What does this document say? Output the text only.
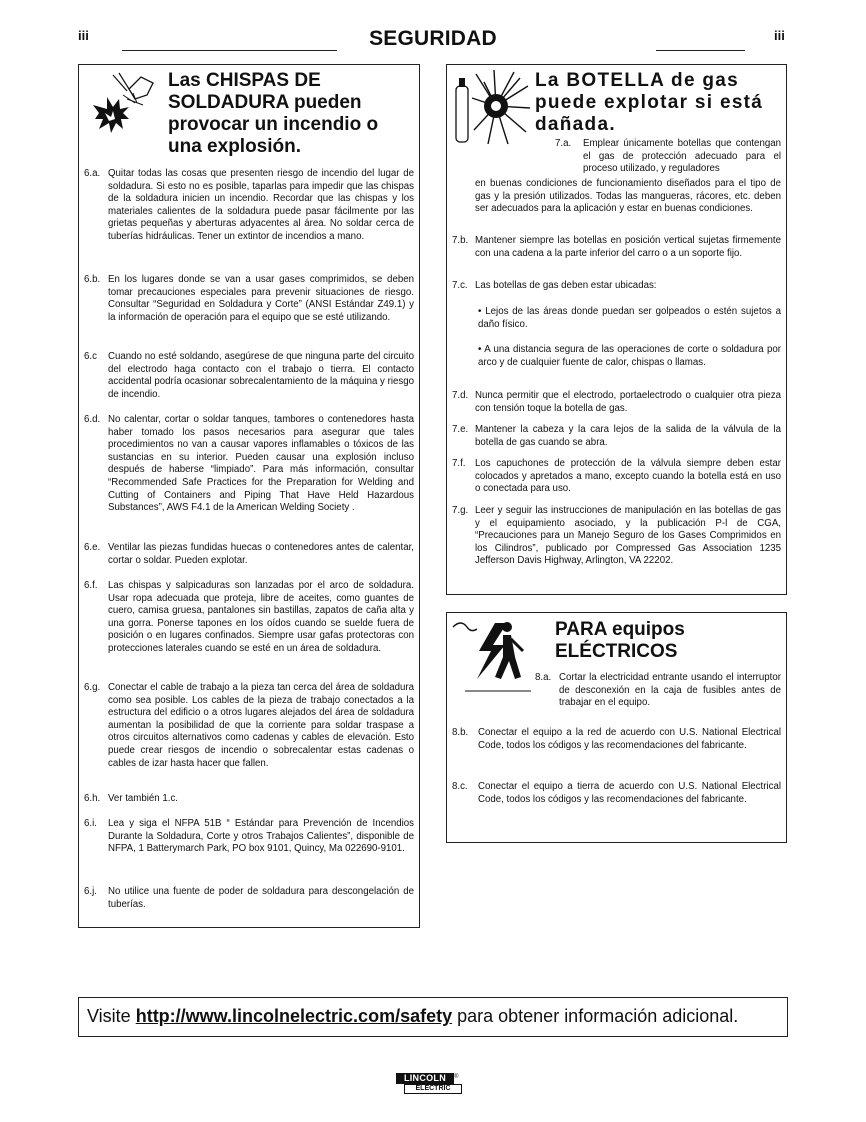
iii	iii
SEGURIDAD
Las CHISPAS DE
SOLDADURA pueden
provocar un incendio o
una explosión.
6.a. Quitar todas las cosas que presenten riesgo de incendio del lugar de soldadura. Si esto no es posible, taparlas para impedir que las chispas de la soldadura inicien un incendio. Recordar que las chispas y los materiales calientes de la soldadura puede pasar fácilmente por las grietas pequeñas y aberturas adyacentes al área. No soldar cerca de tuberías hidráulicas. Tener un extintor de incendios a mano.
6.b. En los lugares donde se van a usar gases comprimidos, se deben tomar precauciones especiales para prevenir situaciones de riesgo. Consultar “Seguridad en Soldadura y Corte” (ANSI Estándar Z49.1) y la información de operación para el equipo que se esté utilizando.
6.c Cuando no esté soldando, asegúrese de que ninguna parte del circuito del electrodo haga contacto con el trabajo o tierra. El contacto accidental podría ocasionar sobrecalentamiento de la máquina y riesgo de incendio.
6.d. No calentar, cortar o soldar tanques, tambores o contenedores hasta haber tomado los pasos necesarios para asegurar que tales procedimientos no van a causar vapores inflamables o tóxicos de las sustancias en su interior. Pueden causar una explosión incluso después de haberse “limpiado”. Para más información, consultar “Recommended Safe Practices for the Preparation for Welding and Cutting of Containers and Piping That Have Held Hazardous Substances”, AWS F4.1 de la American Welding Society .
6.e. Ventilar las piezas fundidas huecas o contenedores antes de calentar, cortar o soldar. Pueden explotar.
6.f. Las chispas y salpicaduras son lanzadas por el arco de soldadura. Usar ropa adecuada que proteja, libre de aceites, como guantes de cuero, camisa gruesa, pantalones sin bastillas, zapatos de caña alta y una gorra. Ponerse tapones en los oídos cuando se suelde fuera de posición o en lugares confinados. Siempre usar gafas protectoras con protecciones laterales cuando se esté en un área de soldadura.
6.g. Conectar el cable de trabajo a la pieza tan cerca del área de soldadura como sea posible. Los cables de la pieza de trabajo conectados a la estructura del edificio o a otros lugares alejados del área de soldadura aumentan la posibilidad de que la corriente para soldar traspase a otros circuitos alternativos como cadenas y cables de elevación. Esto puede crear riesgos de incendio o sobrecalentar estas cadenas o cables de izar hasta hacer que fallen.
6.h. Ver también 1.c.
6.i. Lea y siga el NFPA 51B “ Estándar para Prevención de Incendios Durante la Soldadura, Corte y otros Trabajos Calientes”, disponible de NFPA, 1 Batterymarch Park, PO box 9101, Quincy, Ma 022690-9101.
6.j. No utilice una fuente de poder de soldadura para descongelación de tuberías.
La BOTELLA de gas
puede explotar si está
dañada.
7.a. Emplear únicamente botellas que contengan el gas de protección adecuado para el proceso utilizado, y reguladores
en buenas condiciones de funcionamiento diseñados para el tipo de gas y la presión utilizados. Todas las mangueras, rácores, etc. deben ser adecuados para la aplicación y estar en buenas condiciones.
7.b. Mantener siempre las botellas en posición vertical sujetas firmemente con una cadena a la parte inferior del carro o a un soporte fijo.
7.c. Las botellas de gas deben estar ubicadas:
• Lejos de las áreas donde puedan ser golpeados o estén sujetos a daño físico.
• A una distancia segura de las operaciones de corte o soldadura por arco y de cualquier fuente de calor, chispas o llamas.
7.d. Nunca permitir que el electrodo, portaelectrodo o cualquier otra pieza con tensión toque la botella de gas.
7.e. Mantener la cabeza y la cara lejos de la salida de la válvula de la botella de gas cuando se abra.
7.f. Los capuchones de protección de la válvula siempre deben estar colocados y apretados a mano, excepto cuando la botella está en uso o conectada para uso.
7.g. Leer y seguir las instrucciones de manipulación en las botellas de gas y el equipamiento asociado, y la publicación P-l de CGA, “Precauciones para un Manejo Seguro de los Gases Comprimidos en los Cilindros”, publicado por Compressed Gas Association 1235 Jefferson Davis Highway, Arlington, VA 22202.
PARA equipos
ELÉCTRICOS
8.a. Cortar la electricidad entrante usando el interruptor de desconexión en la caja de fusibles antes de trabajar en el equipo.
8.b. Conectar el equipo a la red de acuerdo con U.S. National Electrical Code, todos los códigos y las recomendaciones del fabricante.
8.c. Conectar el equipo a tierra de acuerdo con U.S. National Electrical Code, todos los códigos y las recomendaciones del fabricante.
Visite http://www.lincolnelectric.com/safety para obtener información adicional.
LINCOLN	®
ELECTRIC
